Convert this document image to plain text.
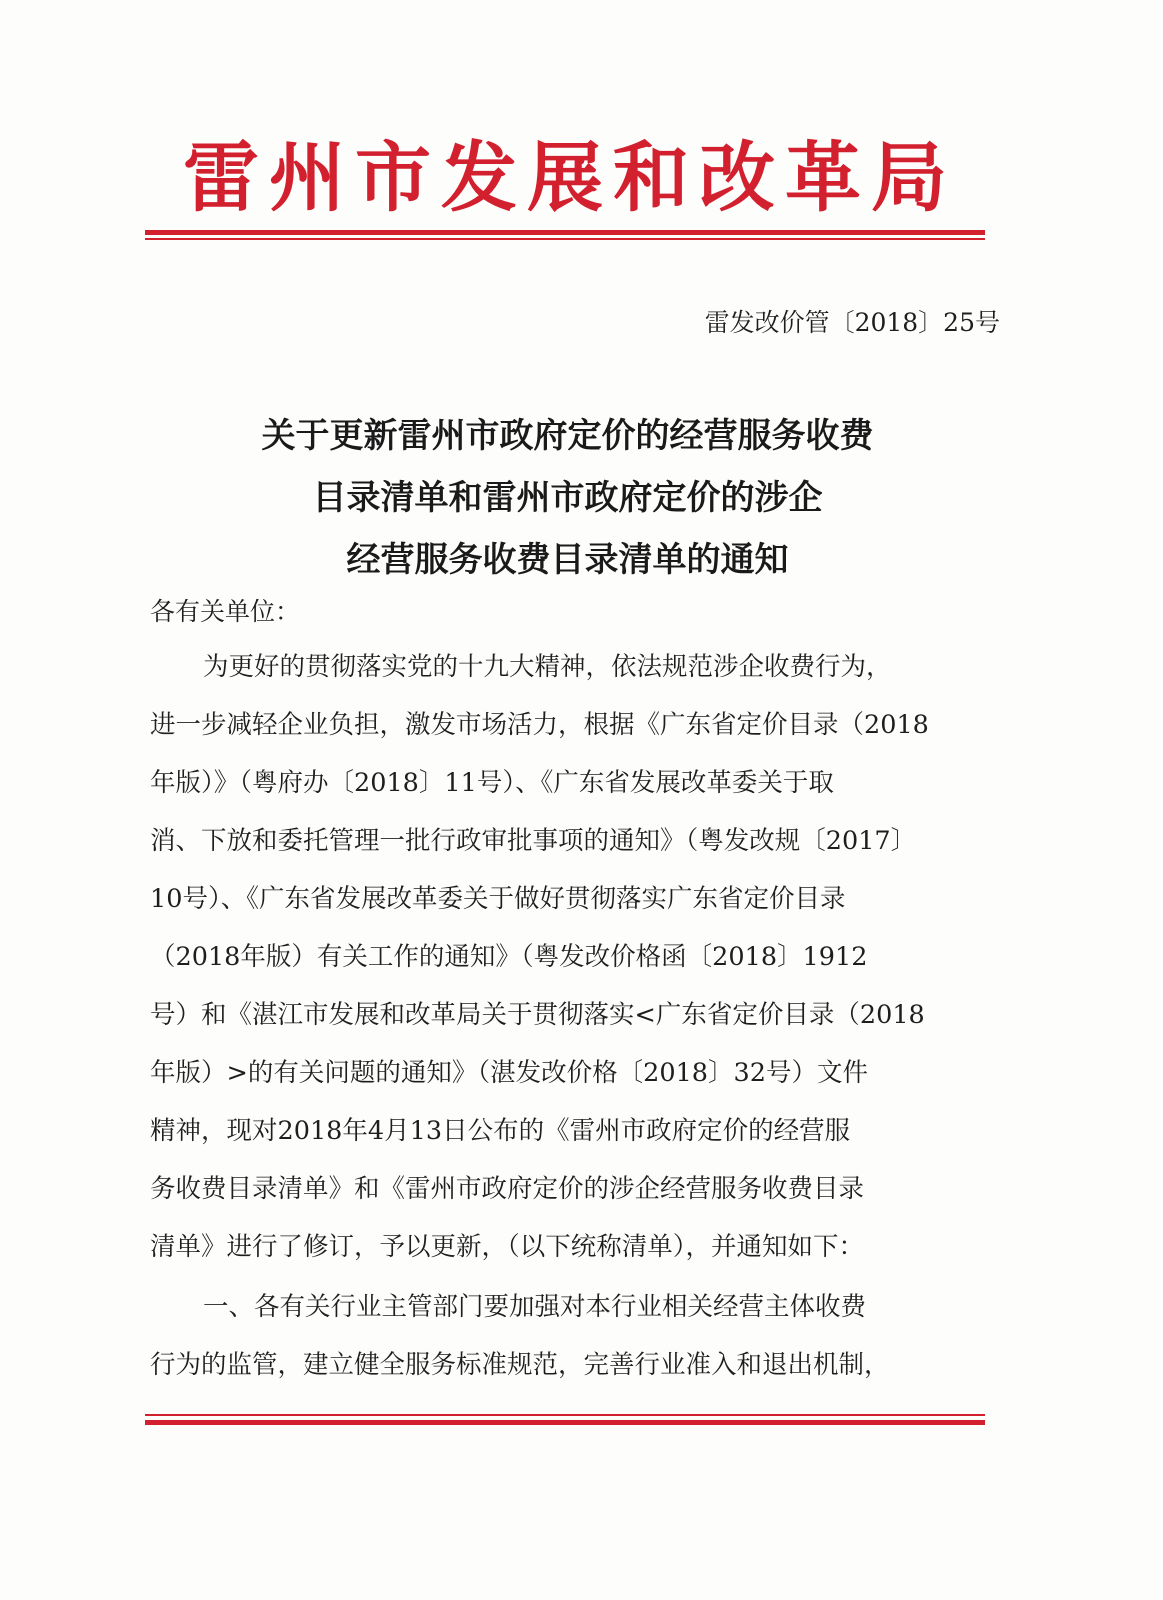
雷州市发展和改革局
雷发改价管〔2018〕25号
关于更新雷州市政府定价的经营服务收费
目录清单和雷州市政府定价的涉企
经营服务收费目录清单的通知
各有关单位：
为更好的贯彻落实党的十九大精神，依法规范涉企收费行为，
进一步减轻企业负担，激发市场活力，根据《广东省定价目录（2018
年版）》（粤府办〔2018〕11号）、《广东省发展改革委关于取
消、下放和委托管理一批行政审批事项的通知》（粤发改规〔2017〕
10号）、《广东省发展改革委关于做好贯彻落实广东省定价目录
（2018年版）有关工作的通知》（粤发改价格函〔2018〕1912
号）和《湛江市发展和改革局关于贯彻落实<广东省定价目录（2018
年版）>的有关问题的通知》（湛发改价格〔2018〕32号）文件
精神，现对2018年4月13日公布的《雷州市政府定价的经营服
务收费目录清单》和《雷州市政府定价的涉企经营服务收费目录
清单》进行了修订，予以更新，（以下统称清单），并通知如下：
一、各有关行业主管部门要加强对本行业相关经营主体收费
行为的监管，建立健全服务标准规范，完善行业准入和退出机制，
